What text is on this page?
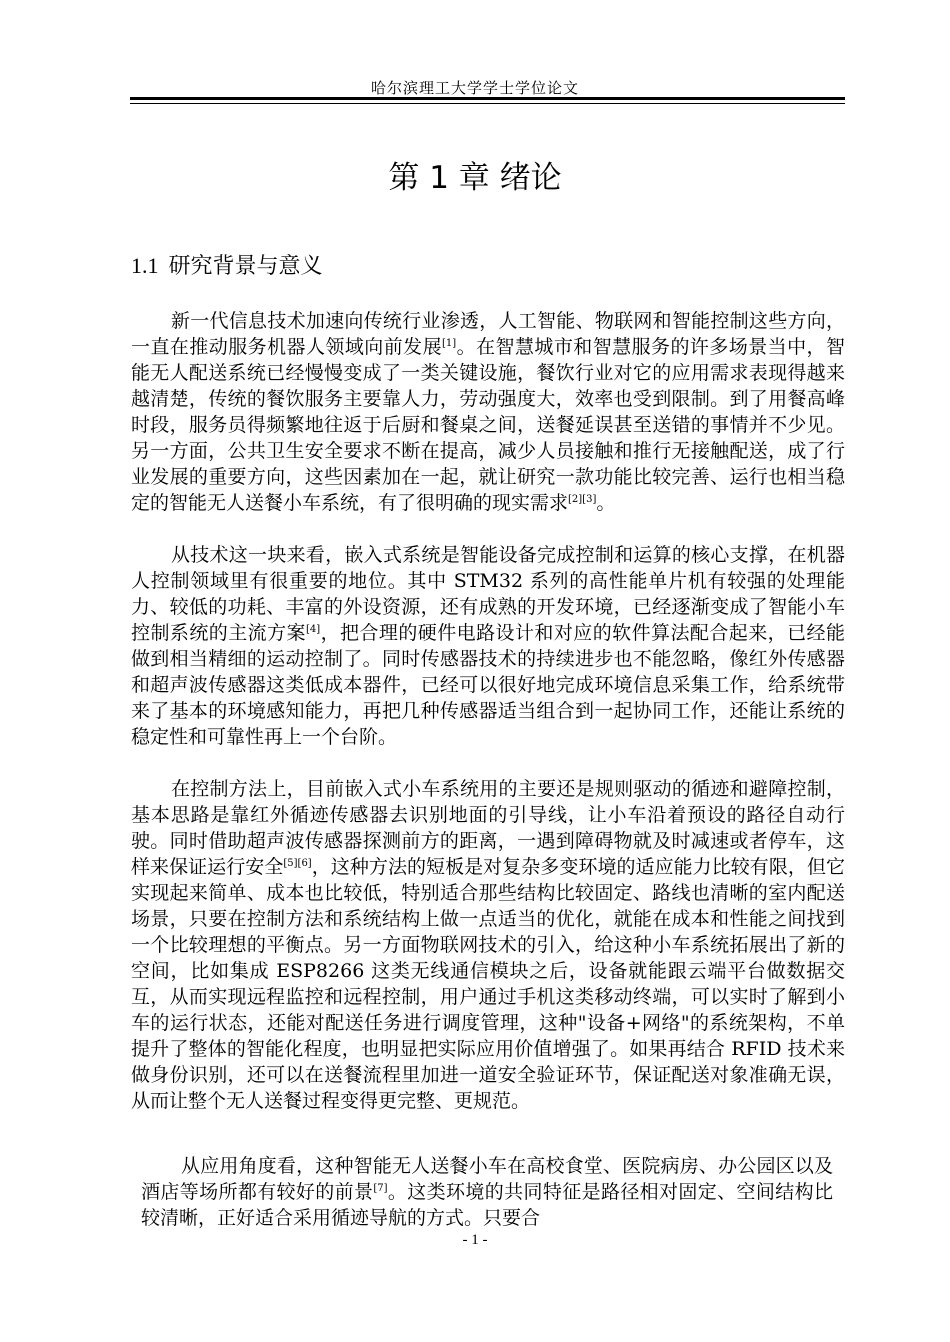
哈尔滨理工大学学士学位论文
第 1 章 绪论
1.1 研究背景与意义

新一代信息技术加速向传统行业渗透，人工智能、物联网和智能控制这些方向，一直在推动服务机器人领域向前发展[1]。在智慧城市和智慧服务的许多场景当中，智能无人配送系统已经慢慢变成了一类关键设施，餐饮行业对它的应用需求表现得越来越清楚，传统的餐饮服务主要靠人力，劳动强度大，效率也受到限制。到了用餐高峰时段，服务员得频繁地往返于后厨和餐桌之间，送餐延误甚至送错的事情并不少见。另一方面，公共卫生安全要求不断在提高，减少人员接触和推行无接触配送，成了行业发展的重要方向，这些因素加在一起，就让研究一款功能比较完善、运行也相当稳定的智能无人送餐小车系统，有了很明确的现实需求[2][3]。

从技术这一块来看，嵌入式系统是智能设备完成控制和运算的核心支撑，在机器人控制领域里有很重要的地位。其中 STM32 系列的高性能单片机有较强的处理能力、较低的功耗、丰富的外设资源，还有成熟的开发环境，已经逐渐变成了智能小车控制系统的主流方案[4]，把合理的硬件电路设计和对应的软件算法配合起来，已经能做到相当精细的运动控制了。同时传感器技术的持续进步也不能忽略，像红外传感器和超声波传感器这类低成本器件，已经可以很好地完成环境信息采集工作，给系统带来了基本的环境感知能力，再把几种传感器适当组合到一起协同工作，还能让系统的稳定性和可靠性再上一个台阶。

在控制方法上，目前嵌入式小车系统用的主要还是规则驱动的循迹和避障控制，基本思路是靠红外循迹传感器去识别地面的引导线，让小车沿着预设的路径自动行驶。同时借助超声波传感器探测前方的距离，一遇到障碍物就及时减速或者停车，这样来保证运行安全[5][6]，这种方法的短板是对复杂多变环境的适应能力比较有限，但它实现起来简单、成本也比较低，特别适合那些结构比较固定、路线也清晰的室内配送场景，只要在控制方法和系统结构上做一点适当的优化，就能在成本和性能之间找到一个比较理想的平衡点。另一方面物联网技术的引入，给这种小车系统拓展出了新的空间，比如集成 ESP8266 这类无线通信模块之后，设备就能跟云端平台做数据交互，从而实现远程监控和远程控制，用户通过手机这类移动终端，可以实时了解到小车的运行状态，还能对配送任务进行调度管理，这种"设备+网络"的系统架构，不单提升了整体的智能化程度，也明显把实际应用价值增强了。如果再结合 RFID 技术来做身份识别，还可以在送餐流程里加进一道安全验证环节，保证配送对象准确无误，从而让整个无人送餐过程变得更完整、更规范。

从应用角度看，这种智能无人送餐小车在高校食堂、医院病房、办公园区以及酒店等场所都有较好的前景[7]。这类环境的共同特征是路径相对固定、空间结构比较清晰，正好适合采用循迹导航的方式。只要合

- 1 -
